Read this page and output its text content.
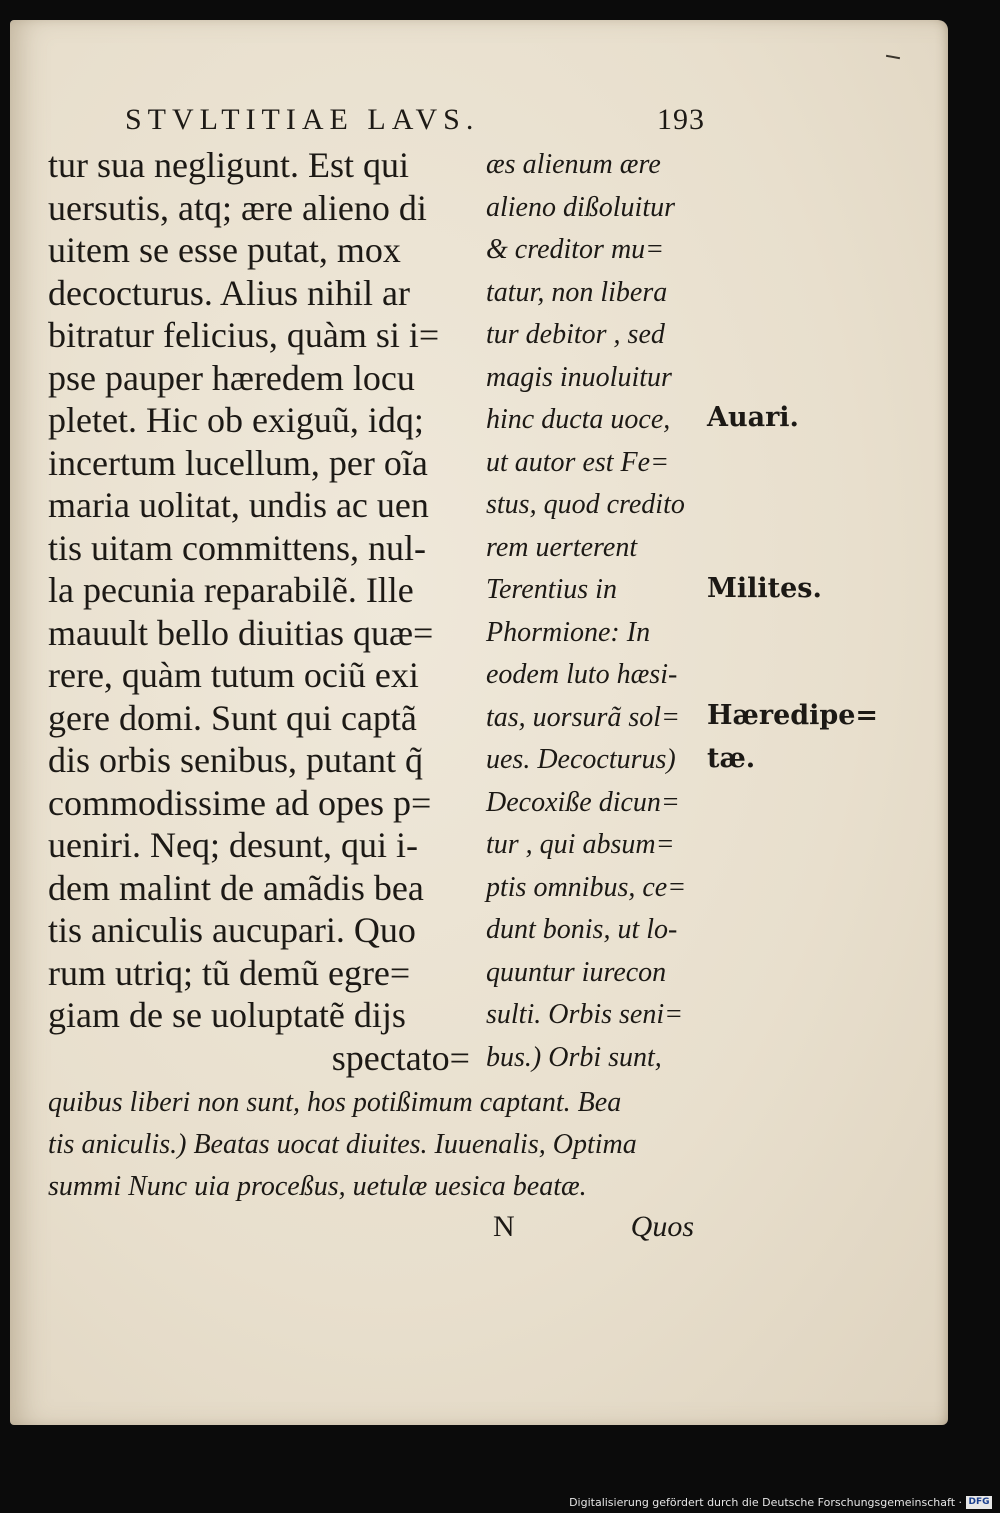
STVLTITIAE LAVS.	193
tur sua negligunt. Est qui
uersutis, atq; ære alieno di
uitem se esse putat, mox
decocturus. Alius nihil ar
bitratur felicius, quàm si i=
pse pauper hæredem locu
pletet. Hic ob exiguũ, idq;
incertum lucellum, per oĩa
maria uolitat, undis ac uen
tis uitam committens, nul-
la pecunia reparabilẽ. Ille
mauult bello diuitias quæ=
rere, quàm tutum ociũ exi
gere domi. Sunt qui captã
dis orbis senibus, putant q̃
commodissime ad opes p=
ueniri. Neq; desunt, qui i-
dem malint de amãdis bea
tis aniculis aucupari. Quo
rum utriq; tũ demũ egre=
giam de se uoluptatẽ dijs
spectato=
æs alienum ære
alieno dißoluitur
& creditor mu=
tatur, non libera
tur debitor , sed
magis inuoluitur
hinc ducta uoce,
ut autor est Fe=
stus, quod credito
rem uerterent
Terentius in
Phormione: In
eodem luto hæsi-
tas, uorsurã sol=
ues. Decocturus)
Decoxiße dicun=
tur , qui absum=
ptis omnibus, ce=
dunt bonis, ut lo-
quuntur iurecon
sulti. Orbis seni=
bus.) Orbi sunt,
Auari.
Milites.
Hæredipe=
tæ.
quibus liberi non sunt, hos potißimum captant. Bea
tis aniculis.) Beatas uocat diuites. Iuuenalis, Optima
summi Nunc uia proceßus, uetulæ uesica beatæ.
N	Quos
Digitalisierung gefördert durch die Deutsche Forschungsgemeinschaft · DFG
